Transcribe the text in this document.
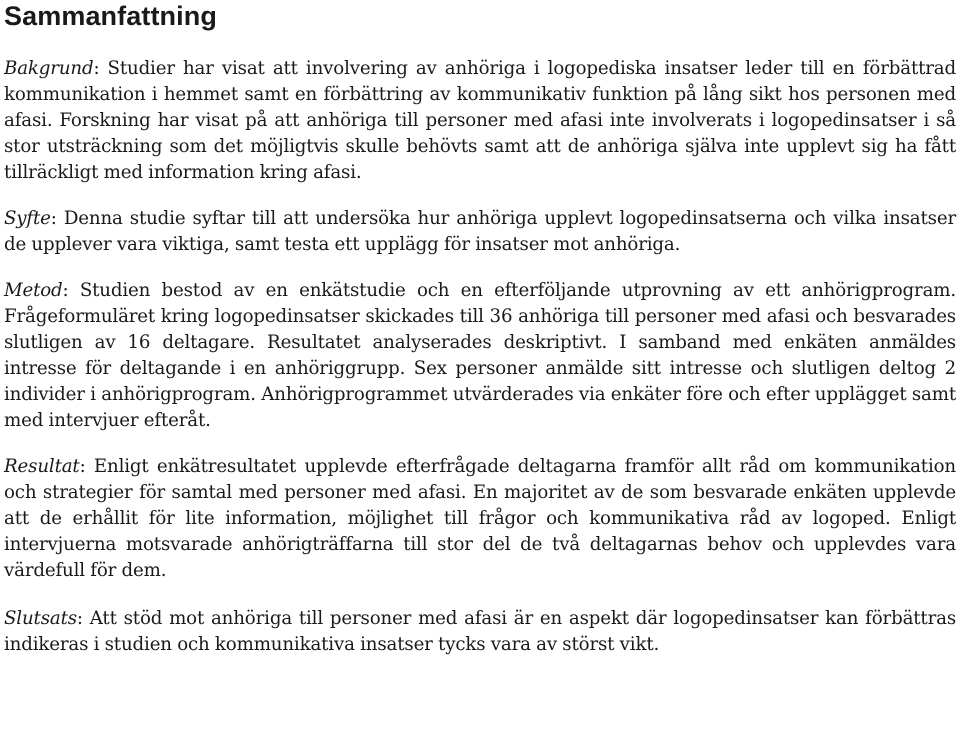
Sammanfattning

Bakgrund: Studier har visat att involvering av anhöriga i logopediska insatser leder till en förbättrad kommunikation i hemmet samt en förbättring av kommunikativ funktion på lång sikt hos personen med afasi. Forskning har visat på att anhöriga till personer med afasi inte involverats i logopedinsatser i så stor utsträckning som det möjligtvis skulle behövts samt att de anhöriga själva inte upplevt sig ha fått tillräckligt med information kring afasi.

Syfte: Denna studie syftar till att undersöka hur anhöriga upplevt logopedinsatserna och vilka insatser de upplever vara viktiga, samt testa ett upplägg för insatser mot anhöriga.

Metod: Studien bestod av en enkätstudie och en efterföljande utprovning av ett anhörigprogram. Frågeformuläret kring logopedinsatser skickades till 36 anhöriga till personer med afasi och besvarades slutligen av 16 deltagare. Resultatet analyserades deskriptivt. I samband med enkäten anmäldes intresse för deltagande i en anhöriggrupp. Sex personer anmälde sitt intresse och slutligen deltog 2 individer i anhörigprogram. Anhörigprogrammet utvärderades via enkäter före och efter upplägget samt med intervjuer efteråt.

Resultat: Enligt enkätresultatet upplevde efterfrågade deltagarna framför allt råd om kommunikation och strategier för samtal med personer med afasi. En majoritet av de som besvarade enkäten upplevde att de erhållit för lite information, möjlighet till frågor och kommunikativa råd av logoped. Enligt intervjuerna motsvarade anhörigträffarna till stor del de två deltagarnas behov och upplevdes vara värdefull för dem.

Slutsats: Att stöd mot anhöriga till personer med afasi är en aspekt där logopedinsatser kan förbättras indikeras i studien och kommunikativa insatser tycks vara av störst vikt.
